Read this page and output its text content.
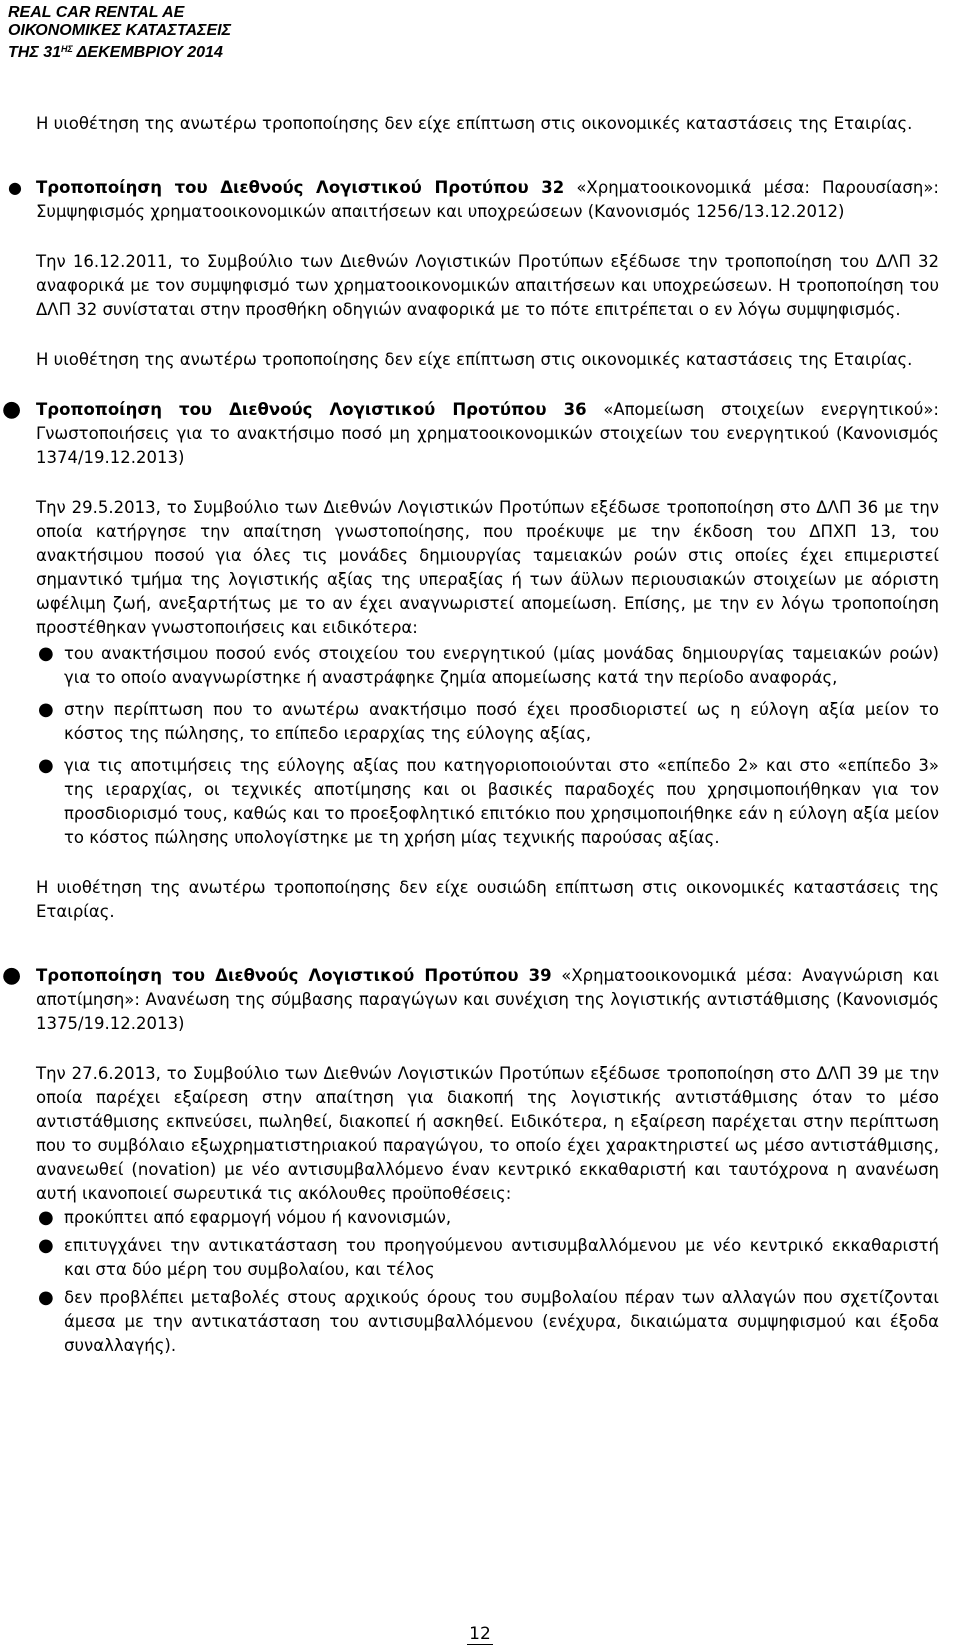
REAL CAR RENTAL AE
ΟΙΚΟΝΟΜΙΚΕΣ ΚΑΤΑΣΤΑΣΕΙΣ
ΤΗΣ $31^{H\Sigma}$ ΔΕΚΕΜΒΡΙΟΥ 2014

Η υιοθέτηση της ανωτέρω τροποποίησης δεν είχε επίπτωση στις οικονομικές καταστάσεις της Εταιρίας.

● Τροποποίηση του Διεθνούς Λογιστικού Προτύπου 32 «Χρηματοοικονομικά μέσα: Παρουσίαση»: Συμψηφισμός χρηματοοικονομικών απαιτήσεων και υποχρεώσεων (Κανονισμός 1256/13.12.2012)

Την 16.12.2011, το Συμβούλιο των Διεθνών Λογιστικών Προτύπων εξέδωσε την τροποποίηση του ΔΛΠ 32 αναφορικά με τον συμψηφισμό των χρηματοοικονομικών απαιτήσεων και υποχρεώσεων. Η τροποποίηση του ΔΛΠ 32 συνίσταται στην προσθήκη οδηγιών αναφορικά με το πότε επιτρέπεται ο εν λόγω συμψηφισμός.

Η υιοθέτηση της ανωτέρω τροποποίησης δεν είχε επίπτωση στις οικονομικές καταστάσεις της Εταιρίας.

● Τροποποίηση του Διεθνούς Λογιστικού Προτύπου 36 «Απομείωση στοιχείων ενεργητικού»: Γνωστοποιήσεις για το ανακτήσιμο ποσό μη χρηματοοικονομικών στοιχείων του ενεργητικού (Κανονισμός 1374/19.12.2013)

Την 29.5.2013, το Συμβούλιο των Διεθνών Λογιστικών Προτύπων εξέδωσε τροποποίηση στο ΔΛΠ 36 με την οποία κατήργησε την απαίτηση γνωστοποίησης, που προέκυψε με την έκδοση του ΔΠΧΠ 13, του ανακτήσιμου ποσού για όλες τις μονάδες δημιουργίας ταμειακών ροών στις οποίες έχει επιμεριστεί σημαντικό τμήμα της λογιστικής αξίας της υπεραξίας ή των άϋλων περιουσιακών στοιχείων με αόριστη ωφέλιμη ζωή, ανεξαρτήτως με το αν έχει αναγνωριστεί απομείωση. Επίσης, με την εν λόγω τροποποίηση προστέθηκαν γνωστοποιήσεις και ειδικότερα:

● του ανακτήσιμου ποσού ενός στοιχείου του ενεργητικού (μίας μονάδας δημιουργίας ταμειακών ροών) για το οποίο αναγνωρίστηκε ή αναστράφηκε ζημία απομείωσης κατά την περίοδο αναφοράς,

● στην περίπτωση που το ανωτέρω ανακτήσιμο ποσό έχει προσδιοριστεί ως η εύλογη αξία μείον το κόστος της πώλησης, το επίπεδο ιεραρχίας της εύλογης αξίας,

● για τις αποτιμήσεις της εύλογης αξίας που κατηγοριοποιούνται στο «επίπεδο 2» και στο «επίπεδο 3» της ιεραρχίας, οι τεχνικές αποτίμησης και οι βασικές παραδοχές που χρησιμοποιήθηκαν για τον προσδιορισμό τους, καθώς και το προεξοφλητικό επιτόκιο που χρησιμοποιήθηκε εάν η εύλογη αξία μείον το κόστος πώλησης υπολογίστηκε με τη χρήση μίας τεχνικής παρούσας αξίας.

Η υιοθέτηση της ανωτέρω τροποποίησης δεν είχε ουσιώδη επίπτωση στις οικονομικές καταστάσεις της Εταιρίας.

● Τροποποίηση του Διεθνούς Λογιστικού Προτύπου 39 «Χρηματοοικονομικά μέσα: Αναγνώριση και αποτίμηση»: Ανανέωση της σύμβασης παραγώγων και συνέχιση της λογιστικής αντιστάθμισης (Κανονισμός 1375/19.12.2013)

Την 27.6.2013, το Συμβούλιο των Διεθνών Λογιστικών Προτύπων εξέδωσε τροποποίηση στο ΔΛΠ 39 με την οποία παρέχει εξαίρεση στην απαίτηση για διακοπή της λογιστικής αντιστάθμισης όταν το μέσο αντιστάθμισης εκπνεύσει, πωληθεί, διακοπεί ή ασκηθεί. Ειδικότερα, η εξαίρεση παρέχεται στην περίπτωση που το συμβόλαιο εξωχρηματιστηριακού παραγώγου, το οποίο έχει χαρακτηριστεί ως μέσο αντιστάθμισης, ανανεωθεί (novation) με νέο αντισυμβαλλόμενο έναν κεντρικό εκκαθαριστή και ταυτόχρονα η ανανέωση αυτή ικανοποιεί σωρευτικά τις ακόλουθες προϋποθέσεις:

● προκύπτει από εφαρμογή νόμου ή κανονισμών,

● επιτυγχάνει την αντικατάσταση του προηγούμενου αντισυμβαλλόμενου με νέο κεντρικό εκκαθαριστή και στα δύο μέρη του συμβολαίου, και τέλος

● δεν προβλέπει μεταβολές στους αρχικούς όρους του συμβολαίου πέραν των αλλαγών που σχετίζονται άμεσα με την αντικατάσταση του αντισυμβαλλόμενου (ενέχυρα, δικαιώματα συμψηφισμού και έξοδα συναλλαγής).

12
